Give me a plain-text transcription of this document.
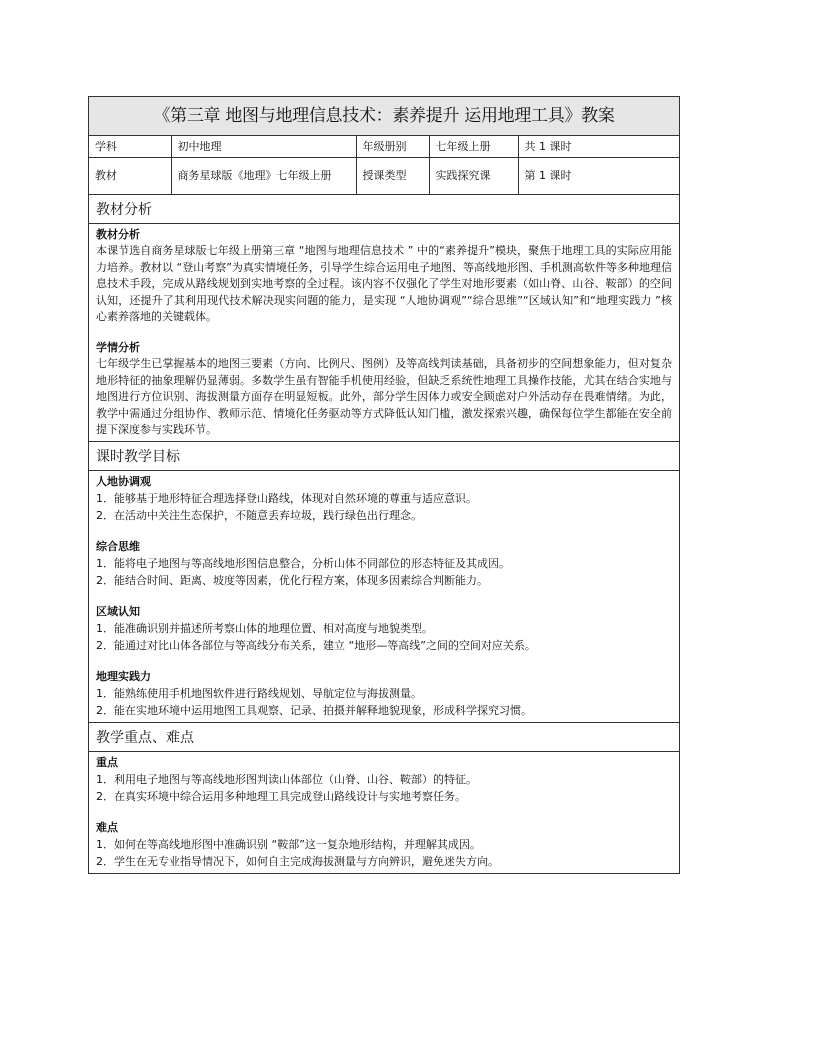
《第三章 地图与地理信息技术：素养提升 运用地理工具》教案
学科	初中地理	年级册别	七年级上册	共 1 课时
教材	商务星球版《地理》七年级上册	授课类型	实践探究课	第 1 课时
教材分析
教材分析
本课节选自商务星球版七年级上册第三章 “地图与地理信息技术 ” 中的“素养提升”模块，聚焦于地理工具的实际应用能力培养。教材以 “登山考察”为真实情境任务，引导学生综合运用电子地图、等高线地形图、手机测高软件等多种地理信息技术手段，完成从路线规划到实地考察的全过程。该内容不仅强化了学生对地形要素（如山脊、山谷、鞍部）的空间认知，还提升了其利用现代技术解决现实问题的能力，是实现 “人地协调观”“综合思维”“区域认知”和“地理实践力 ”核心素养落地的关键载体。
学情分析
七年级学生已掌握基本的地图三要素（方向、比例尺、图例）及等高线判读基础，具备初步的空间想象能力，但对复杂地形特征的抽象理解仍显薄弱。多数学生虽有智能手机使用经验，但缺乏系统性地理工具操作技能，尤其在结合实地与地图进行方位识别、海拔测量方面存在明显短板。此外，部分学生因体力或安全顾虑对户外活动存在畏难情绪。为此，教学中需通过分组协作、教师示范、情境化任务驱动等方式降低认知门槛，激发探索兴趣，确保每位学生都能在安全前提下深度参与实践环节。
课时教学目标
人地协调观
1．能够基于地形特征合理选择登山路线，体现对自然环境的尊重与适应意识。
2．在活动中关注生态保护，不随意丢弃垃圾，践行绿色出行理念。
综合思维
1．能将电子地图与等高线地形图信息整合，分析山体不同部位的形态特征及其成因。
2．能结合时间、距离、坡度等因素，优化行程方案，体现多因素综合判断能力。
区域认知
1．能准确识别并描述所考察山体的地理位置、相对高度与地貌类型。
2．能通过对比山体各部位与等高线分布关系，建立 “地形—等高线”之间的空间对应关系。
地理实践力
1．能熟练使用手机地图软件进行路线规划、导航定位与海拔测量。
2．能在实地环境中运用地图工具观察、记录、拍摄并解释地貌现象，形成科学探究习惯。
教学重点、难点
重点
1．利用电子地图与等高线地形图判读山体部位（山脊、山谷、鞍部）的特征。
2．在真实环境中综合运用多种地理工具完成登山路线设计与实地考察任务。
难点
1．如何在等高线地形图中准确识别 “鞍部”这一复杂地形结构，并理解其成因。
2．学生在无专业指导情况下，如何自主完成海拔测量与方向辨识，避免迷失方向。
